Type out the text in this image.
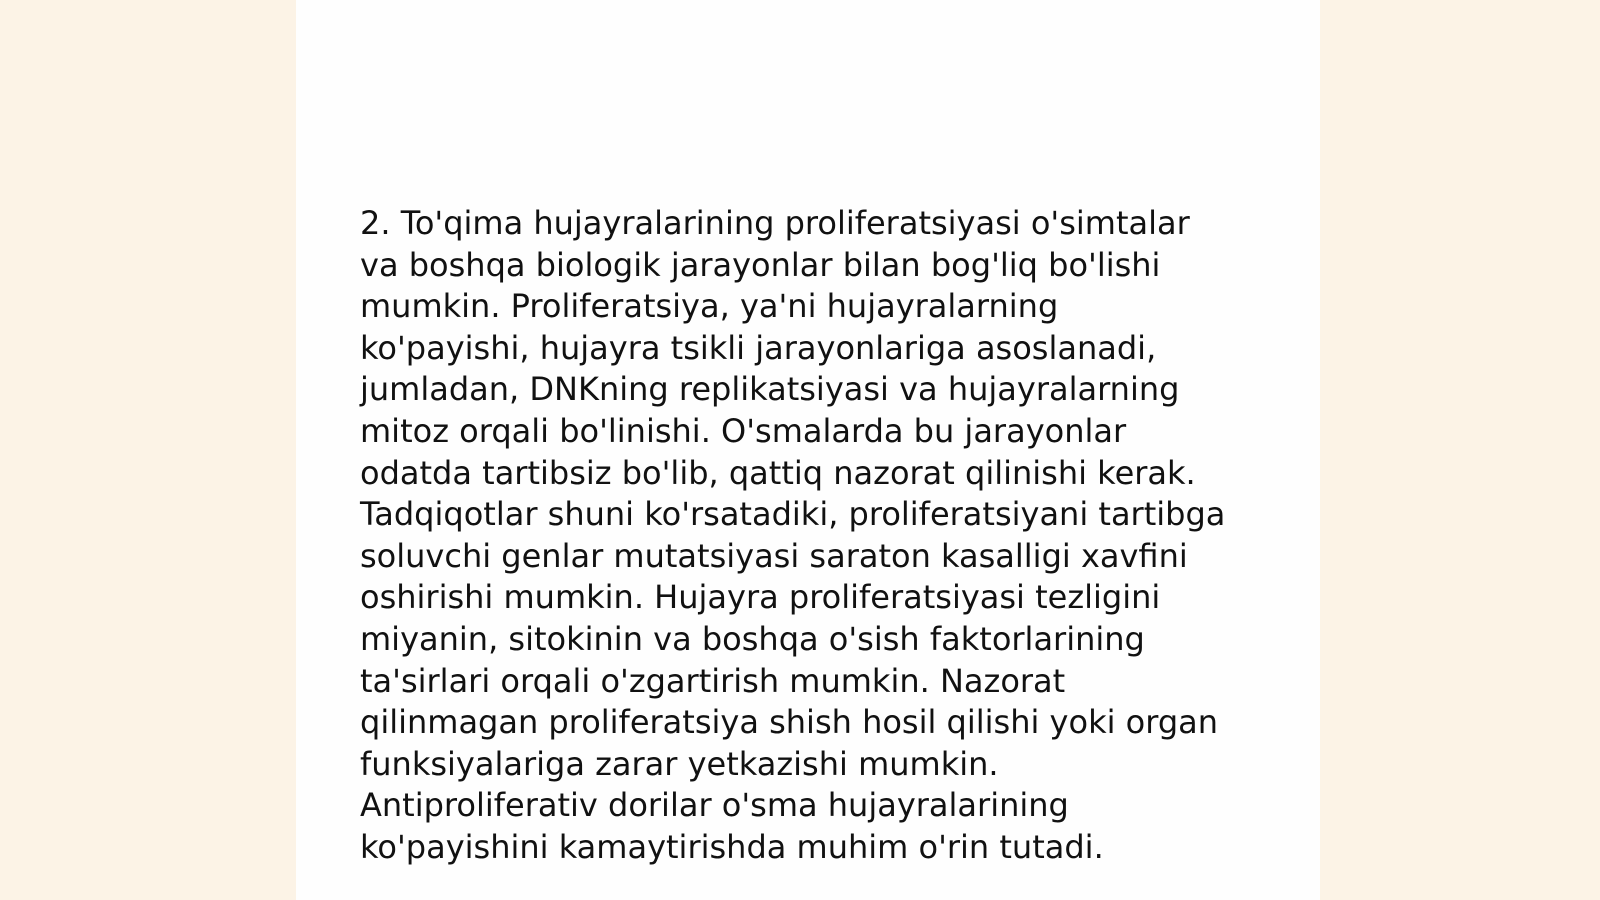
2. To'qima hujayralarining proliferatsiyasi o'simtalar
va boshqa biologik jarayonlar bilan bog'liq bo'lishi
mumkin. Proliferatsiya, ya'ni hujayralarning
ko'payishi, hujayra tsikli jarayonlariga asoslanadi,
jumladan, DNKning replikatsiyasi va hujayralarning
mitoz orqali bo'linishi. O'smalarda bu jarayonlar
odatda tartibsiz bo'lib, qattiq nazorat qilinishi kerak.
Tadqiqotlar shuni ko'rsatadiki, proliferatsiyani tartibga
soluvchi genlar mutatsiyasi saraton kasalligi xavfini
oshirishi mumkin. Hujayra proliferatsiyasi tezligini
miyanin, sitokinin va boshqa o'sish faktorlarining
ta'sirlari orqali o'zgartirish mumkin. Nazorat
qilinmagan proliferatsiya shish hosil qilishi yoki organ
funksiyalariga zarar yetkazishi mumkin.
Antiproliferativ dorilar o'sma hujayralarining
ko'payishini kamaytirishda muhim o'rin tutadi.
